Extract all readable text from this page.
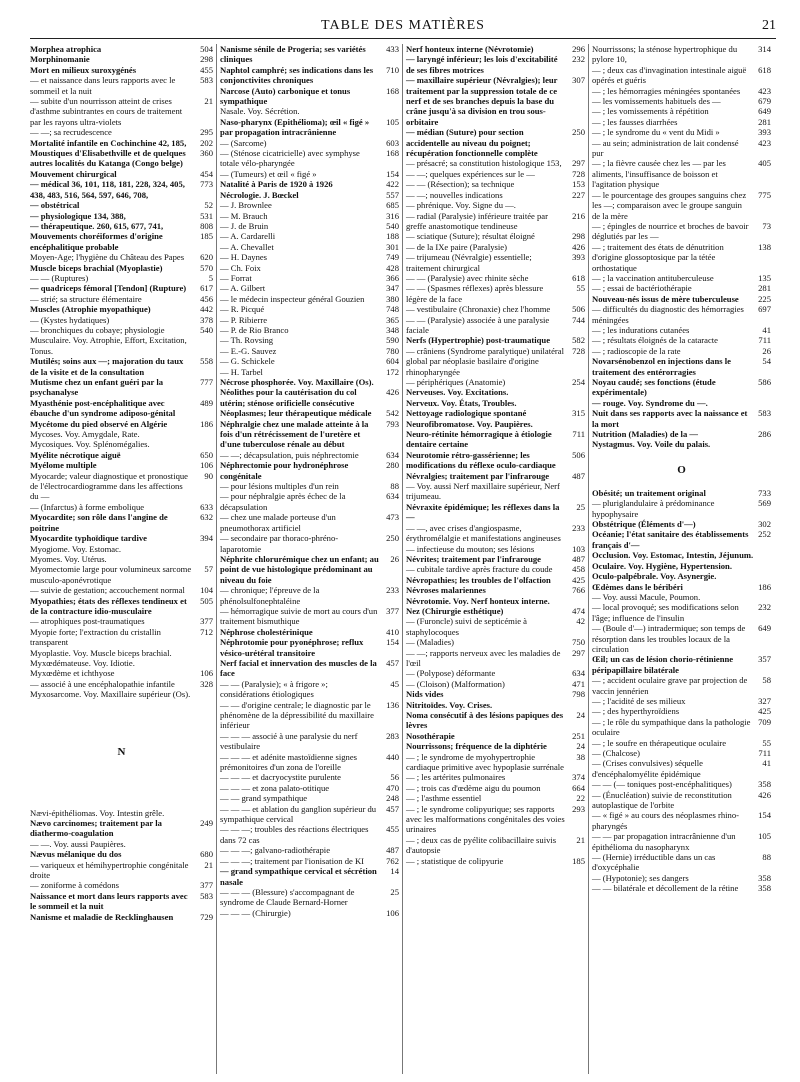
TABLE DES MATIÈRES	21
Morphea atrophica	504
Morphinomanie	298
Mort en milieux suroxygénés	455
— et naissance dans leurs rapports avec le sommeil et la nuit
583
— subite d'un nourrisson atteint de crises d'asthme subintrantes en cours de traitement par les rayons ultra-violets
21
— —; sa recrudescence	295
Mortalité infantile en Cochinchine 42, 185,	202
Moustiques d'Elisabethville et de quelques autres localités du Katanga (Congo belge)
360
Mouvement chirurgical	454
— médical 36, 101, 118, 181, 228, 324, 405, 438, 483, 516, 564, 597, 646, 708,
773
— obstétrical	52
— physiologique 134, 388,	531
— thérapeutique. 260, 615, 677, 741,	808
Mouvements choréiformes d'origine encéphalitique probable
185
Moyen-Age; l'hygiène du Château des Papes	620
Muscle biceps brachial (Myoplastie)	570
— — (Ruptures)	5
— quadriceps fémoral [Tendon] (Rupture)	617
— strié; sa structure élémentaire	456
Muscles (Atrophie myopathique)	442
— (Kystes hydatiques)	378
— bronchiques du cobaye; physiologie	540
Musculaire. Voy. Atrophie, Effort, Excitation, Tonus.
Mutilés; soins aux —; majoration du taux de la visite et de la consultation
558
Mutisme chez un enfant guéri par la psychanalyse
777
Myasthénie post-encéphalitique avec ébauche d'un syndrome adiposo-génital
489
Mycétome du pied observé en Algérie	186
Mycoses. Voy. Amygdale, Rate.
Mycosiques. Voy. Splénomégalies.
Myélite nécrotique aiguë	650
Myélome multiple	106
Myocarde; valeur diagnostique et pronostique de l'électrocardiogramme dans les affections du —
90
— (Infarctus) à forme embolique	633
Myocardite; son rôle dans l'angine de poitrine
632
Myocardite typhoïdique tardive	394
Myogiome. Voy. Estomac.
Myomes. Voy. Utérus.
Myomectomie large pour volumineux sarcome musculo-aponévrotique
57
— suivie de gestation; accouchement normal	104
Myopathies; états des réflexes tendineux et de la contracture idio-musculaire
505
— atrophiques post-traumatiques	377
Myopie forte; l'extraction du cristallin transparent
712
Myoplastie. Voy. Muscle biceps brachial.
Myxœdémateuse. Voy. Idiotie.
Myxœdème et ichthyose	106
— associé à une encéphalopathie infantile	328
Myxosarcome. Voy. Maxillaire supérieur (Os).
N
Nævi-épithéliomas. Voy. Intestin grêle.
Nævo carcinomes; traitement par la diathermo-coagulation
249
— —. Voy. aussi Paupières.
Nævus mélanique du dos	680
— variqueux et hémihypertrophie congénitale droite
21
— zoniforme à comédons	377
Naissance et mort dans leurs rapports avec le sommeil et la nuit
583
Nanisme et maladie de Recklinghausen	729
Nanisme sénile de Progeria; ses variétés cliniques
433
Naphtol camphré; ses indications dans les conjonctivites chroniques
710
Narcose (Auto) carbonique et tonus sympathique
168
Nasale. Voy. Sécrétion.
Naso-pharynx (Epithélioma); œil « figé » par propagation intracrânienne
105
— (Sarcome)	603
— (Sténose cicatricielle) avec symphyse totale vélo-pharyngée
168
— (Tumeurs) et œil « figé »	154
Natalité à Paris de 1920 à 1926	422
Nécrologie. J. Bœckel	557
— J. Brownlee	685
— M. Brauch	316
— J. de Bruin	540
— A. Cardarelli	188
— A. Chevallet	301
— H. Daynes	749
— Ch. Foix	428
— Forrat	366
— A. Gilbert	347
— le médecin inspecteur général Gouzien	380
— R. Picqué	748
— P. Ribierre	365
— P. de Rio Branco	348
— Th. Rovsing	590
— E.-G. Sauvez	780
— G. Schickele	604
— H. Tarbel	172
Nécrose phosphorée. Voy. Maxillaire (Os).
Néolithes pour la cautérisation du col utérin; sténose orificielle consécutive
426
Néoplasmes; leur thérapeutique médicale	542
Néphralgie chez une malade atteinte à la fois d'un rétrécissement de l'uretère et d'une tuberculose rénale au début
793
— —; décapsulation, puis néphrectomie	634
Néphrectomie pour hydronéphrose congénitale
280
— pour lésions multiples d'un rein	88
— pour néphralgie après échec de la décapsulation
634
— chez une malade porteuse d'un pneumothorax artificiel
473
— secondaire par thoraco-phréno-laparotomie
250
Néphrite chlorurémique chez un enfant; au point de vue histologique prédominant au niveau du foie
26
— chronique; l'épreuve de la phénolsulfonephtaléine
233
— hémorragique suivie de mort au cours d'un traitement bismuthique
377
Néphrose cholestérinique	410
Néphrotomie pour pyonéphrose; reflux vésico-urétéral transitoire
154
Nerf facial et innervation des muscles de la face
457
— — (Paralysie); « à frigore »; considérations étiologiques
45
— — d'origine centrale; le diagnostic par le phénomène de la dépressibilité du maxillaire inférieur
136
— — — associé à une paralysie du nerf vestibulaire
283
— — — et adénite mastoïdienne signes prémonitoires d'un zona de l'oreille
440
— — — et dacryocystite purulente	56
— — — et zona palato-otitique	470
— — grand sympathique	248
— — — et ablation du ganglion supérieur du sympathique cervical
457
— — —; troubles des réactions électriques dans 72 cas
455
— — —; galvano-radiothérapie	487
— — —; traitement par l'ionisation de KI	762
— grand sympathique cervical et sécrétion nasale
14
— — — (Blessure) s'accompagnant de syndrome de Claude Bernard-Horner
25
— — — (Chirurgie)	106
Nerf honteux interne (Névrotomie)	296
— laryngé inférieur; les lois d'excitabilité de ses fibres motrices
232
— maxillaire supérieur (Névralgies); leur traitement par la suppression totale de ce nerf et de ses branches depuis la base du crâne jusqu'à sa division en trou sous-orbitaire
307
— médian (Suture) pour section accidentelle au niveau du poignet; récupération fonctionnelle complète
250
— présacré; sa constitution histologique 153,	297
— —; quelques expériences sur le —	728
— — (Résection); sa technique	153
— —; nouvelles indications	227
— phrénique. Voy. Signe du —.
— radial (Paralysie) inférieure traitée par greffe anastomotique tendineuse
216
— sciatique (Suture); résultat éloigné	298
— de la IXe paire (Paralysie)	426
— trijumeau (Névralgie) essentielle; traitement chirurgical
393
— — (Paralysie) avec rhinite sèche	618
— — (Spasmes réflexes) après blessure légère de la face
55
— vestibulaire (Chronaxie) chez l'homme	506
— — (Paralysie) associée à une paralysie faciale
744
Nerfs (Hypertrophie) post-traumatique	582
— crâniens (Syndrome paralytique) unilatéral global par néoplasie basilaire d'origine rhinopharyngée
728
— périphériques (Anatomie)	254
Nerveuses. Voy. Excitations.
Nerveux. Voy. États, Troubles.
Nettoyage radiologique spontané	315
Neurofibromatose. Voy. Paupières.
Neuro-rétinite hémorragique à étiologie dentaire certaine
711
Neurotomie rétro-gassérienne; les modifications du réflexe oculo-cardiaque
506
Névralgies; traitement par l'infrarouge	487
— Voy. aussi Nerf maxillaire supérieur, Nerf trijumeau.
Névraxite épidémique; les réflexes dans la —
25
— —, avec crises d'angiospasme, érythromélalgie et manifestations angineuses
233
— infectieuse du mouton; ses lésions	103
Névrites; traitement par l'infrarouge	487
— cubitale tardive après fracture du coude	458
Névropathies; les troubles de l'olfaction	425
Névroses malariennes	766
Névrotomie. Voy. Nerf honteux interne.
Nez (Chirurgie esthétique)	474
— (Furoncle) suivi de septicémie à staphylocoques
42
— (Maladies)	750
— —; rapports nerveux avec les maladies de l'œil
297
— (Polypose) déformante	634
— (Cloison) (Malformation)	471
Nids vides	798
Nitritoïdes. Voy. Crises.
Noma consécutif à des lésions papiques des lèvres
24
Nosothérapie	251
Nourrissons; fréquence de la diphtérie	24
— ; le syndrome de myohypertrophie cardiaque primitive avec hypoplasie surrénale
38
— ; les artérites pulmonaires	374
— ; trois cas d'œdème aigu du poumon	664
— ; l'asthme essentiel	22
— ; le syndrome colipyurique; ses rapports avec les malformations congénitales des voies urinaires
293
— ; deux cas de pyélite colibacillaire suivis d'autopsie
21
— ; statistique de colipyurie	185
Nourrissons; la sténose hypertrophique du pylore 10,
314
— ; deux cas d'invagination intestinale aiguë opérés et guéris
618
— ; les hémorragies méningées spontanées	423
— les vomissements habituels des —	679
— ; les vomissements à répétition	649
— ; les fausses diarrhées	281
— ; le syndrome du « vent du Midi »	393
— au sein; administration de lait condensé pur
423
— ; la fièvre causée chez les — par les aliments, l'insuffisance de boisson et l'agitation physique
405
— le pourcentage des groupes sanguins chez les —; comparaison avec le groupe sanguin de la mère
775
— ; épingles de nourrice et broches de bavoir déglutiés par les —
73
— ; traitement des états de dénutrition d'origine glossoptosique par la tétée orthostatique
138
— ; la vaccination antituberculeuse	135
— ; essai de bactériothérapie	281
Nouveau-nés issus de mère tuberculeuse	225
— difficultés du diagnostic des hémorragies méningées
697
— ; les indurations cutanées	41
— ; résultats éloignés de la cataracte	711
— ; radioscopie de la rate	26
Novarsénobenzol en injections dans le traitement des entérorragies
54
Noyau caudé; ses fonctions (étude expérimentale)
586
— rouge. Voy. Syndrome du —.
Nuit dans ses rapports avec la naissance et la mort
583
Nutrition (Maladies) de la —	286
Nystagmus. Voy. Voile du palais.
O
Obésité; un traitement original	733
— pluriglandulaire à prédominance hypophysaire
569
Obstétrique (Éléments d'—)	302
Océanie; l'état sanitaire des établissements français d'—
252
Occlusion. Voy. Estomac, Intestin, Jéjunum.
Oculaire. Voy. Hygiène, Hypertension.
Oculo-palpébrale. Voy. Asynergie.
Œdèmes dans le béribéri	186
— Voy. aussi Macule, Poumon.
— local provoqué; ses modifications selon l'âge; influence de l'insulin
232
— (Boule d'—) intradermique; son temps de résorption dans les troubles locaux de la circulation
649
Œil; un cas de lésion chorio-rétinienne péripapillaire bilatérale
357
— ; accident oculaire grave par projection de vaccin jennérien
58
— ; l'acidité de ses milieux	327
— ; des hyperthyroïdiens	425
— ; le rôle du sympathique dans la pathologie oculaire
709
— ; le soufre en thérapeutique oculaire	55
— (Chalcose)	711
— (Crises convulsives) séquelle d'encéphalomyélite épidémique
41
— — (— toniques post-encéphalitiques)	358
— (Énucléation) suivie de reconstitution autoplastique de l'orbite
426
— « figé » au cours des néoplasmes rhino-pharyngés
154
— — par propagation intracrânienne d'un épithélioma du nasopharynx
105
— (Hernie) irréductible dans un cas d'oxycéphalie
88
— (Hypotonie); ses dangers	358
— — bilatérale et décollement de la rétine	358
